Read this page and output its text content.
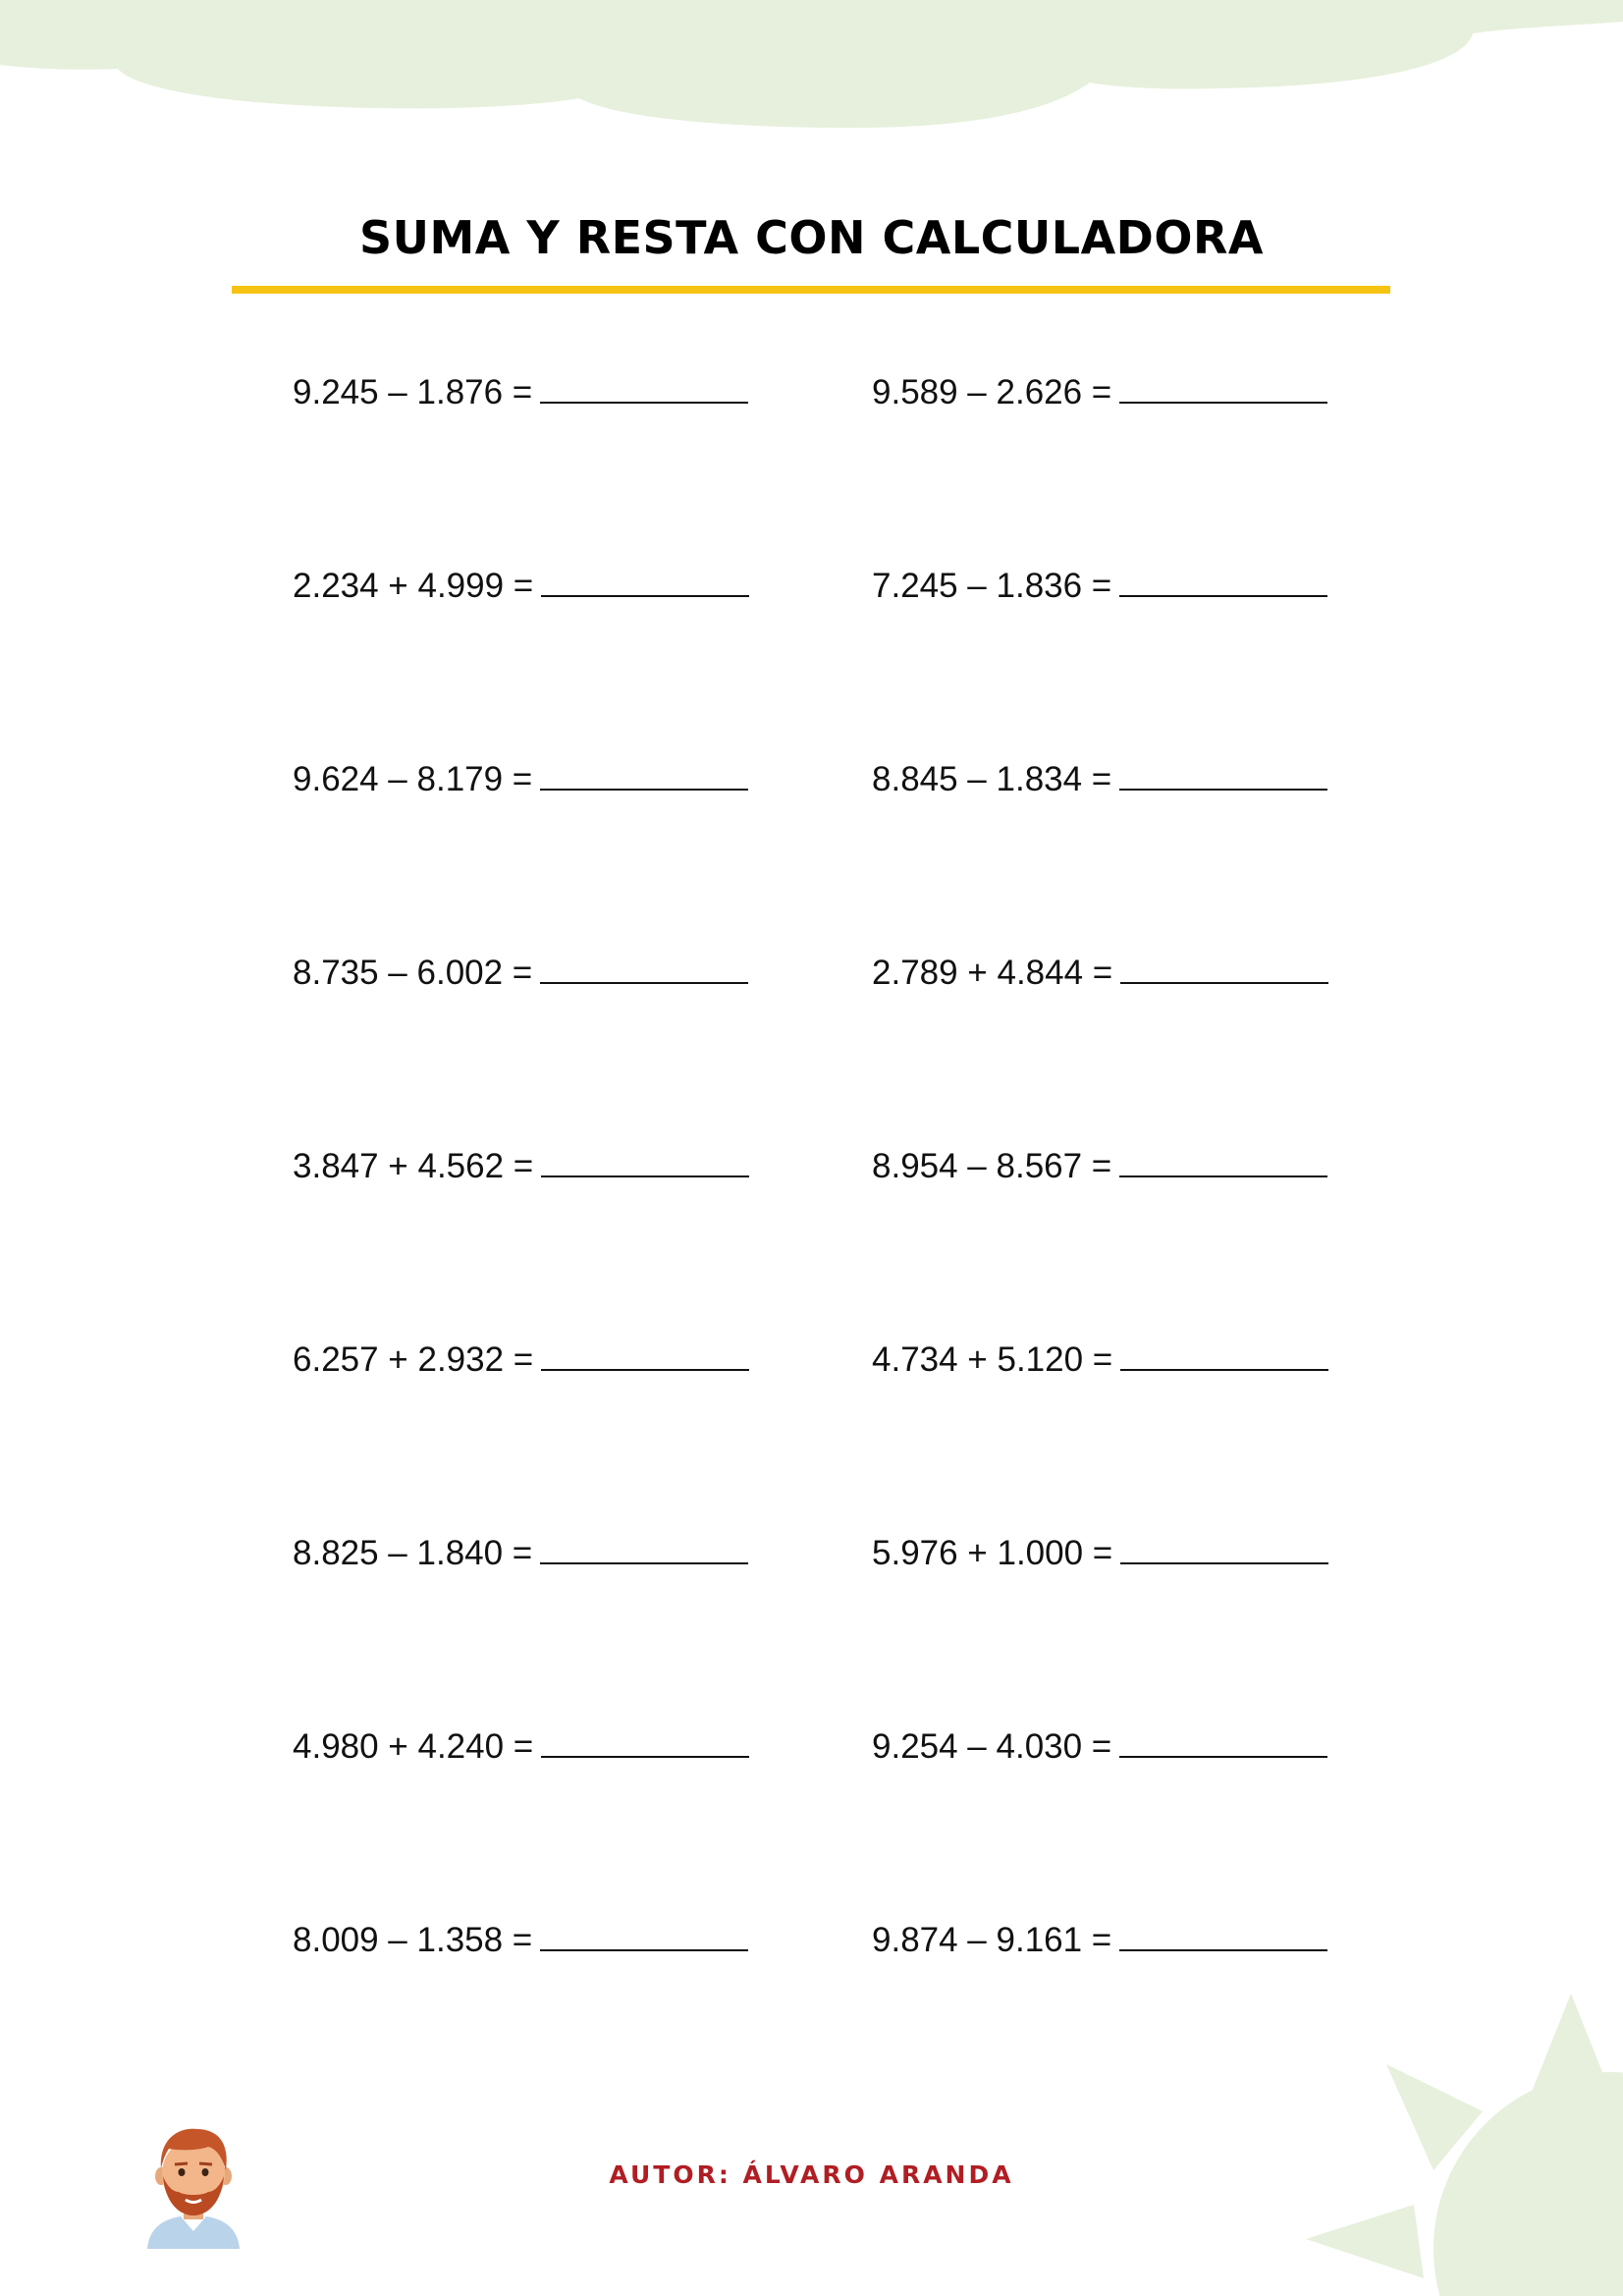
SUMA Y RESTA CON CALCULADORA
9.245 – 1.876 =	9.589 – 2.626 =
2.234 + 4.999 =	7.245 – 1.836 =
9.624 – 8.179 =	8.845 – 1.834 =
8.735 – 6.002 =	2.789 + 4.844 =
3.847 + 4.562 =	8.954 – 8.567 =
6.257 + 2.932 =	4.734 + 5.120 =
8.825 – 1.840 =	5.976 + 1.000 =
4.980 + 4.240 =	9.254 – 4.030 =
8.009 – 1.358 =	9.874 – 9.161 =
AUTOR: ÁLVARO ARANDA
